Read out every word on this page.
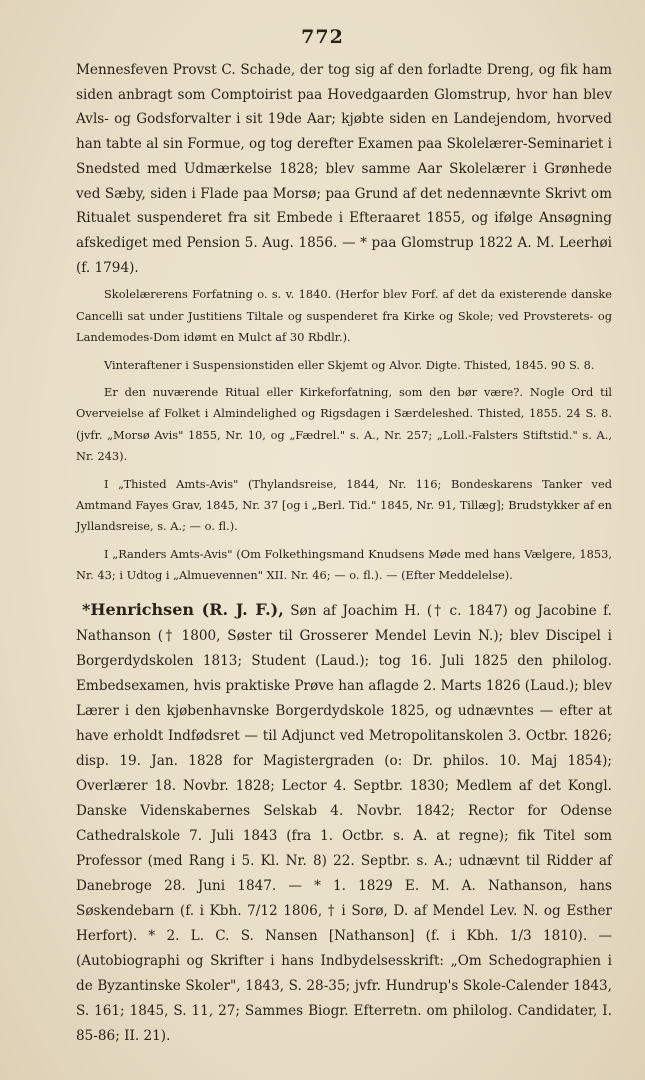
772

Mennesfeven Provst C. Schade, der tog sig af den forladte Dreng, og fik ham siden anbragt som Comptoirist paa Hovedgaarden Glomstrup, hvor han blev Avls- og Godsforvalter i sit 19de Aar; kjøbte siden en Landejendom, hvorved han tabte al sin Formue, og tog derefter Examen paa Skolelærer-Seminariet i Snedsted med Udmærkelse 1828; blev samme Aar Skolelærer i Grønhede ved Sæby, siden i Flade paa Morsø; paa Grund af det nedennævnte Skrivt om Ritualet suspenderet fra sit Embede i Efteraaret 1855, og ifølge Ansøgning afskediget med Pension 5. Aug. 1856. — * paa Glomstrup 1822 A. M. Leerhøi (f. 1794).

Skolelærerens Forfatning o. s. v. 1840. (Herfor blev Forf. af det da existerende danske Cancelli sat under Justitiens Tiltale og suspenderet fra Kirke og Skole; ved Provsterets- og Landemodes-Dom idømt en Mulct af 30 Rbdlr.).

Vinteraftener i Suspensionstiden eller Skjemt og Alvor. Digte. Thisted, 1845. 90 S. 8.

Er den nuværende Ritual eller Kirkeforfatning, som den bør være?. Nogle Ord til Overveielse af Folket i Almindelighed og Rigsdagen i Særdeleshed. Thisted, 1855. 24 S. 8. (jvfr. „Morsø Avis" 1855, Nr. 10, og „Fædrel." s. A., Nr. 257; „Loll.-Falsters Stiftstid." s. A., Nr. 243).

I „Thisted Amts-Avis" (Thylandsreise, 1844, Nr. 116; Bondeskarens Tanker ved Amtmand Fayes Grav, 1845, Nr. 37 [og i „Berl. Tid." 1845, Nr. 91, Tillæg]; Brudstykker af en Jyllandsreise, s. A.; — o. fl.).

I „Randers Amts-Avis" (Om Folkethingsmand Knudsens Møde med hans Vælgere, 1853, Nr. 43; i Udtog i „Almuevennen" XII. Nr. 46; — o. fl.). — (Efter Meddelelse).

*Henrichsen (R. J. F.), Søn af Joachim H. († c. 1847) og Jacobine f. Nathanson († 1800, Søster til Grosserer Mendel Levin N.); blev Discipel i Borgerdydskolen 1813; Student (Laud.); tog 16. Juli 1825 den philolog. Embedsexamen, hvis praktiske Prøve han aflagde 2. Marts 1826 (Laud.); blev Lærer i den kjøbenhavnske Borgerdydskole 1825, og udnævntes — efter at have erholdt Indfødsret — til Adjunct ved Metropolitanskolen 3. Octbr. 1826; disp. 19. Jan. 1828 for Magistergraden (o: Dr. philos. 10. Maj 1854); Overlærer 18. Novbr. 1828; Lector 4. Septbr. 1830; Medlem af det Kongl. Danske Videnskabernes Selskab 4. Novbr. 1842; Rector for Odense Cathedralskole 7. Juli 1843 (fra 1. Octbr. s. A. at regne); fik Titel som Professor (med Rang i 5. Kl. Nr. 8) 22. Septbr. s. A.; udnævnt til Ridder af Danebroge 28. Juni 1847. — * 1. 1829 E. M. A. Nathanson, hans Søskendebarn (f. i Kbh. 7/12 1806, † i Sorø, D. af Mendel Lev. N. og Esther Herfort). * 2. L. C. S. Nansen [Nathanson] (f. i Kbh. 1/3 1810). — (Autobiographi og Skrifter i hans Indbydelsesskrift: „Om Schedographien i de Byzantinske Skoler", 1843, S. 28-35; jvfr. Hundrup's Skole-Calender 1843, S. 161; 1845, S. 11, 27; Sammes Biogr. Efterretn. om philolog. Candidater, I. 85-86; II. 21).
